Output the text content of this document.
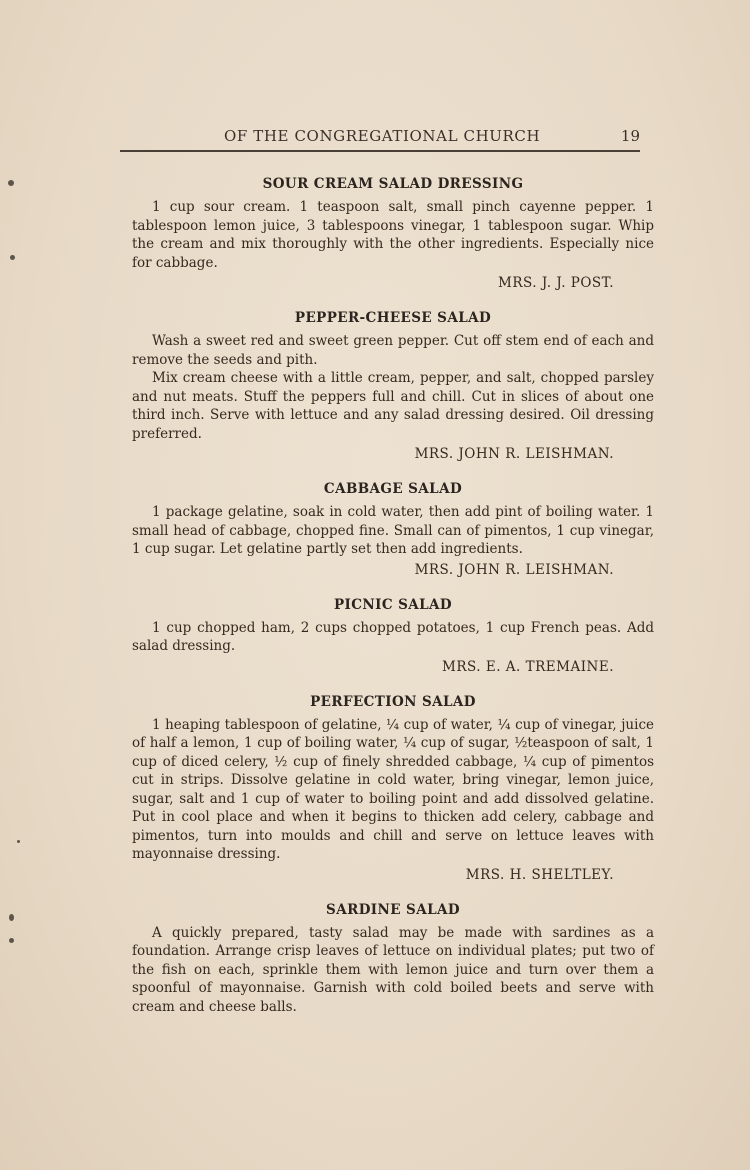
OF THE CONGREGATIONAL CHURCH	19
SOUR CREAM SALAD DRESSING

1 cup sour cream. 1 teaspoon salt, small pinch cayenne pepper. 1 tablespoon lemon juice, 3 tablespoons vinegar, 1 tablespoon sugar. Whip the cream and mix thoroughly with the other ingredients. Especially nice for cabbage.

MRS. J. J. POST.
PEPPER-CHEESE SALAD

Wash a sweet red and sweet green pepper. Cut off stem end of each and remove the seeds and pith.

Mix cream cheese with a little cream, pepper, and salt, chopped parsley and nut meats. Stuff the peppers full and chill. Cut in slices of about one third inch. Serve with lettuce and any salad dressing desired. Oil dressing preferred.

MRS. JOHN R. LEISHMAN.
CABBAGE SALAD

1 package gelatine, soak in cold water, then add pint of boiling water. 1 small head of cabbage, chopped fine. Small can of pimentos, 1 cup vinegar, 1 cup sugar. Let gelatine partly set then add ingredients.

MRS. JOHN R. LEISHMAN.
PICNIC SALAD

1 cup chopped ham, 2 cups chopped potatoes, 1 cup French peas. Add salad dressing.

MRS. E. A. TREMAINE.
PERFECTION SALAD

1 heaping tablespoon of gelatine, ¼ cup of water, ¼ cup of vinegar, juice of half a lemon, 1 cup of boiling water, ¼ cup of sugar, ½teaspoon of salt, 1 cup of diced celery, ½ cup of finely shredded cabbage, ¼ cup of pimentos cut in strips. Dissolve gelatine in cold water, bring vinegar, lemon juice, sugar, salt and 1 cup of water to boiling point and add dissolved gelatine. Put in cool place and when it begins to thicken add celery, cabbage and pimentos, turn into moulds and chill and serve on lettuce leaves with mayonnaise dressing.

MRS. H. SHELTLEY.
SARDINE SALAD

A quickly prepared, tasty salad may be made with sardines as a foundation. Arrange crisp leaves of lettuce on individual plates; put two of the fish on each, sprinkle them with lemon juice and turn over them a spoonful of mayonnaise. Garnish with cold boiled beets and serve with cream and cheese balls.
